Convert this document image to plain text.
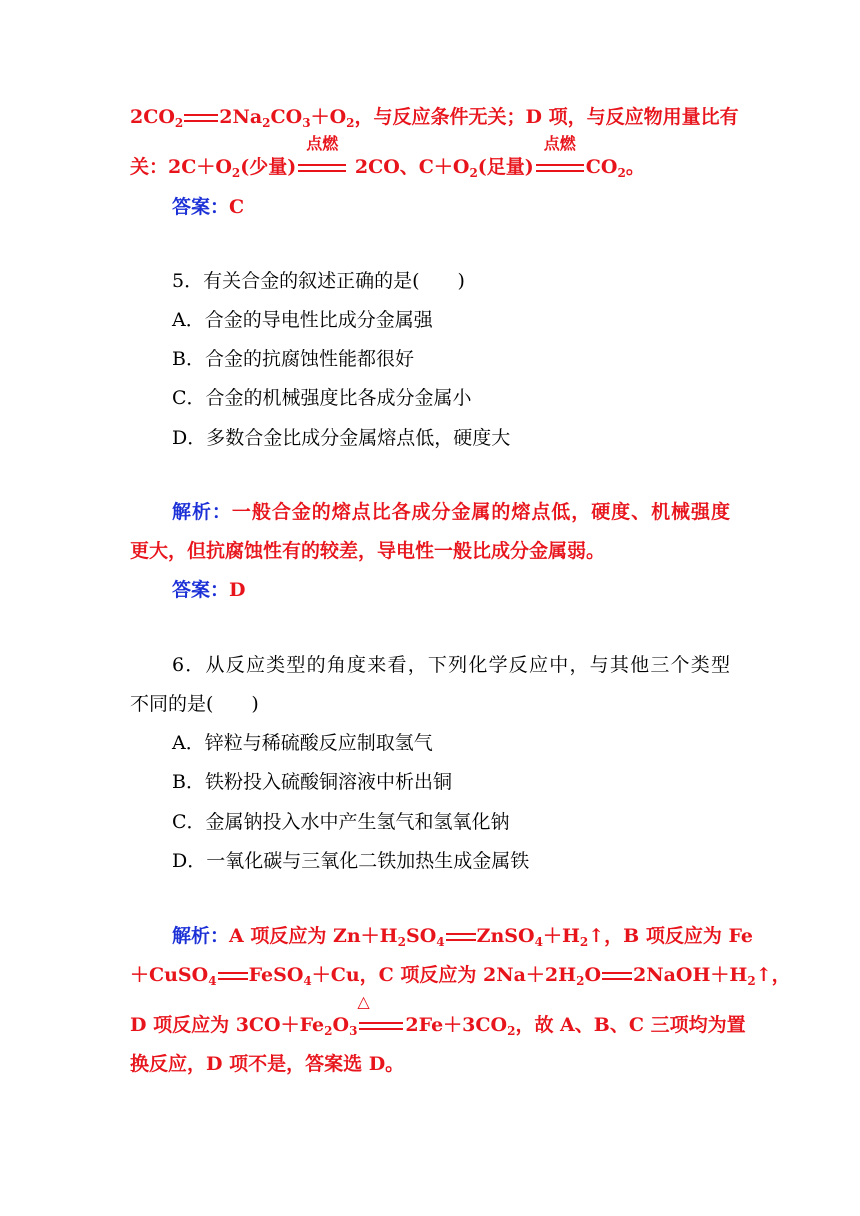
$2CO_2$ $2Na_2CO_3+O_2$，与反应条件无关；D 项，与反应物用量比有
关：$2C+O_2$(少量)
点燃
2CO、$C+O_2$(足量)
点燃
$CO_2$。
答案：C
5．有关合金的叙述正确的是(　　)
A．合金的导电性比成分金属强
B．合金的抗腐蚀性能都很好
C．合金的机械强度比各成分金属小
D．多数合金比成分金属熔点低，硬度大
解析：一般合金的熔点比各成分金属的熔点低，硬度、机械强度
更大，但抗腐蚀性有的较差，导电性一般比成分金属弱。
答案：D
6．从反应类型的角度来看，下列化学反应中，与其他三个类型
不同的是(　　)
A．锌粒与稀硫酸反应制取氢气
B．铁粉投入硫酸铜溶液中析出铜
C．金属钠投入水中产生氢气和氢氧化钠
D．一氧化碳与三氧化二铁加热生成金属铁
解析：A 项反应为 $Zn+H_2SO_4$ $ZnSO_4+H_2↑$，B 项反应为 Fe
＋CuSO$_4$ FeSO$_4$＋Cu，C 项反应为 $2Na+2H_2O$ $2NaOH+H_2↑$，
D 项反应为 $3CO+Fe_2O_3$
△
$2Fe+3CO_2$，故 A、B、C 三项均为置
换反应，D 项不是，答案选 D。
